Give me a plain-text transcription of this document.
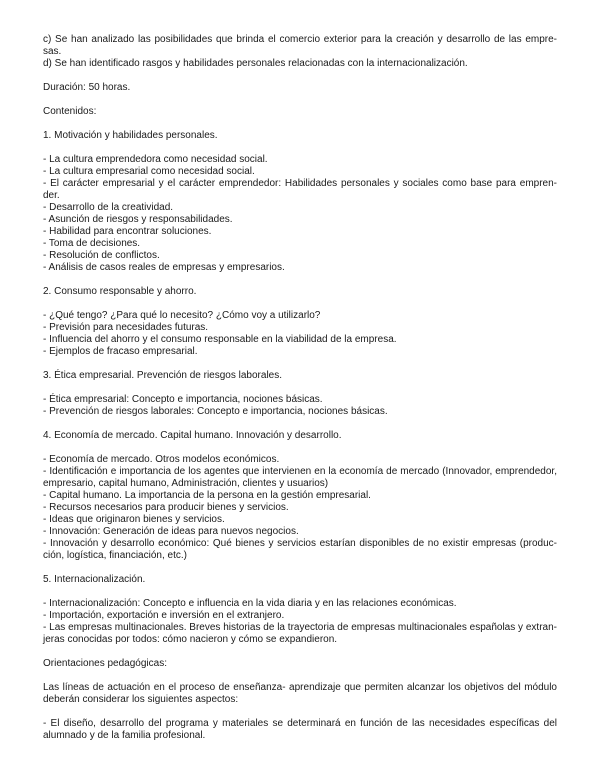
c) Se han analizado las posibilidades que brinda el comercio exterior para la creación y desarrollo de las empre-
sas.
d) Se han identificado rasgos y habilidades personales relacionadas con la internacionalización.
Duración: 50 horas.
Contenidos:
1. Motivación y habilidades personales.
- La cultura emprendedora como necesidad social.
- La cultura empresarial como necesidad social.
- El carácter empresarial y el carácter emprendedor: Habilidades personales y sociales como base para empren-
der.
- Desarrollo de la creatividad.
- Asunción de riesgos y responsabilidades.
- Habilidad para encontrar soluciones.
- Toma de decisiones.
- Resolución de conflictos.
- Análisis de casos reales de empresas y empresarios.
2. Consumo responsable y ahorro.
- ¿Qué tengo? ¿Para qué lo necesito? ¿Cómo voy a utilizarlo?
- Previsión para necesidades futuras.
- Influencia del ahorro y el consumo responsable en la viabilidad de la empresa.
- Ejemplos de fracaso empresarial.
3. Ética empresarial. Prevención de riesgos laborales.
- Ética empresarial: Concepto e importancia, nociones básicas.
- Prevención de riesgos laborales: Concepto e importancia, nociones básicas.
4. Economía de mercado. Capital humano. Innovación y desarrollo.
- Economía de mercado. Otros modelos económicos.
- Identificación e importancia de los agentes que intervienen en la economía de mercado (Innovador, emprendedor,
empresario, capital humano, Administración, clientes y usuarios)
- Capital humano. La importancia de la persona en la gestión empresarial.
- Recursos necesarios para producir bienes y servicios.
- Ideas que originaron bienes y servicios.
- Innovación: Generación de ideas para nuevos negocios.
- Innovación y desarrollo económico: Qué bienes y servicios estarían disponibles de no existir empresas (produc-
ción, logística, financiación, etc.)
5. Internacionalización.
- Internacionalización: Concepto e influencia en la vida diaria y en las relaciones económicas.
- Importación, exportación e inversión en el extranjero.
- Las empresas multinacionales. Breves historias de la trayectoria de empresas multinacionales españolas y extran-
jeras conocidas por todos: cómo nacieron y cómo se expandieron.
Orientaciones pedagógicas:
Las líneas de actuación en el proceso de enseñanza- aprendizaje que permiten alcanzar los objetivos del módulo
deberán considerar los siguientes aspectos:
- El diseño, desarrollo del programa y materiales se determinará en función de las necesidades específicas del
alumnado y de la familia profesional.
